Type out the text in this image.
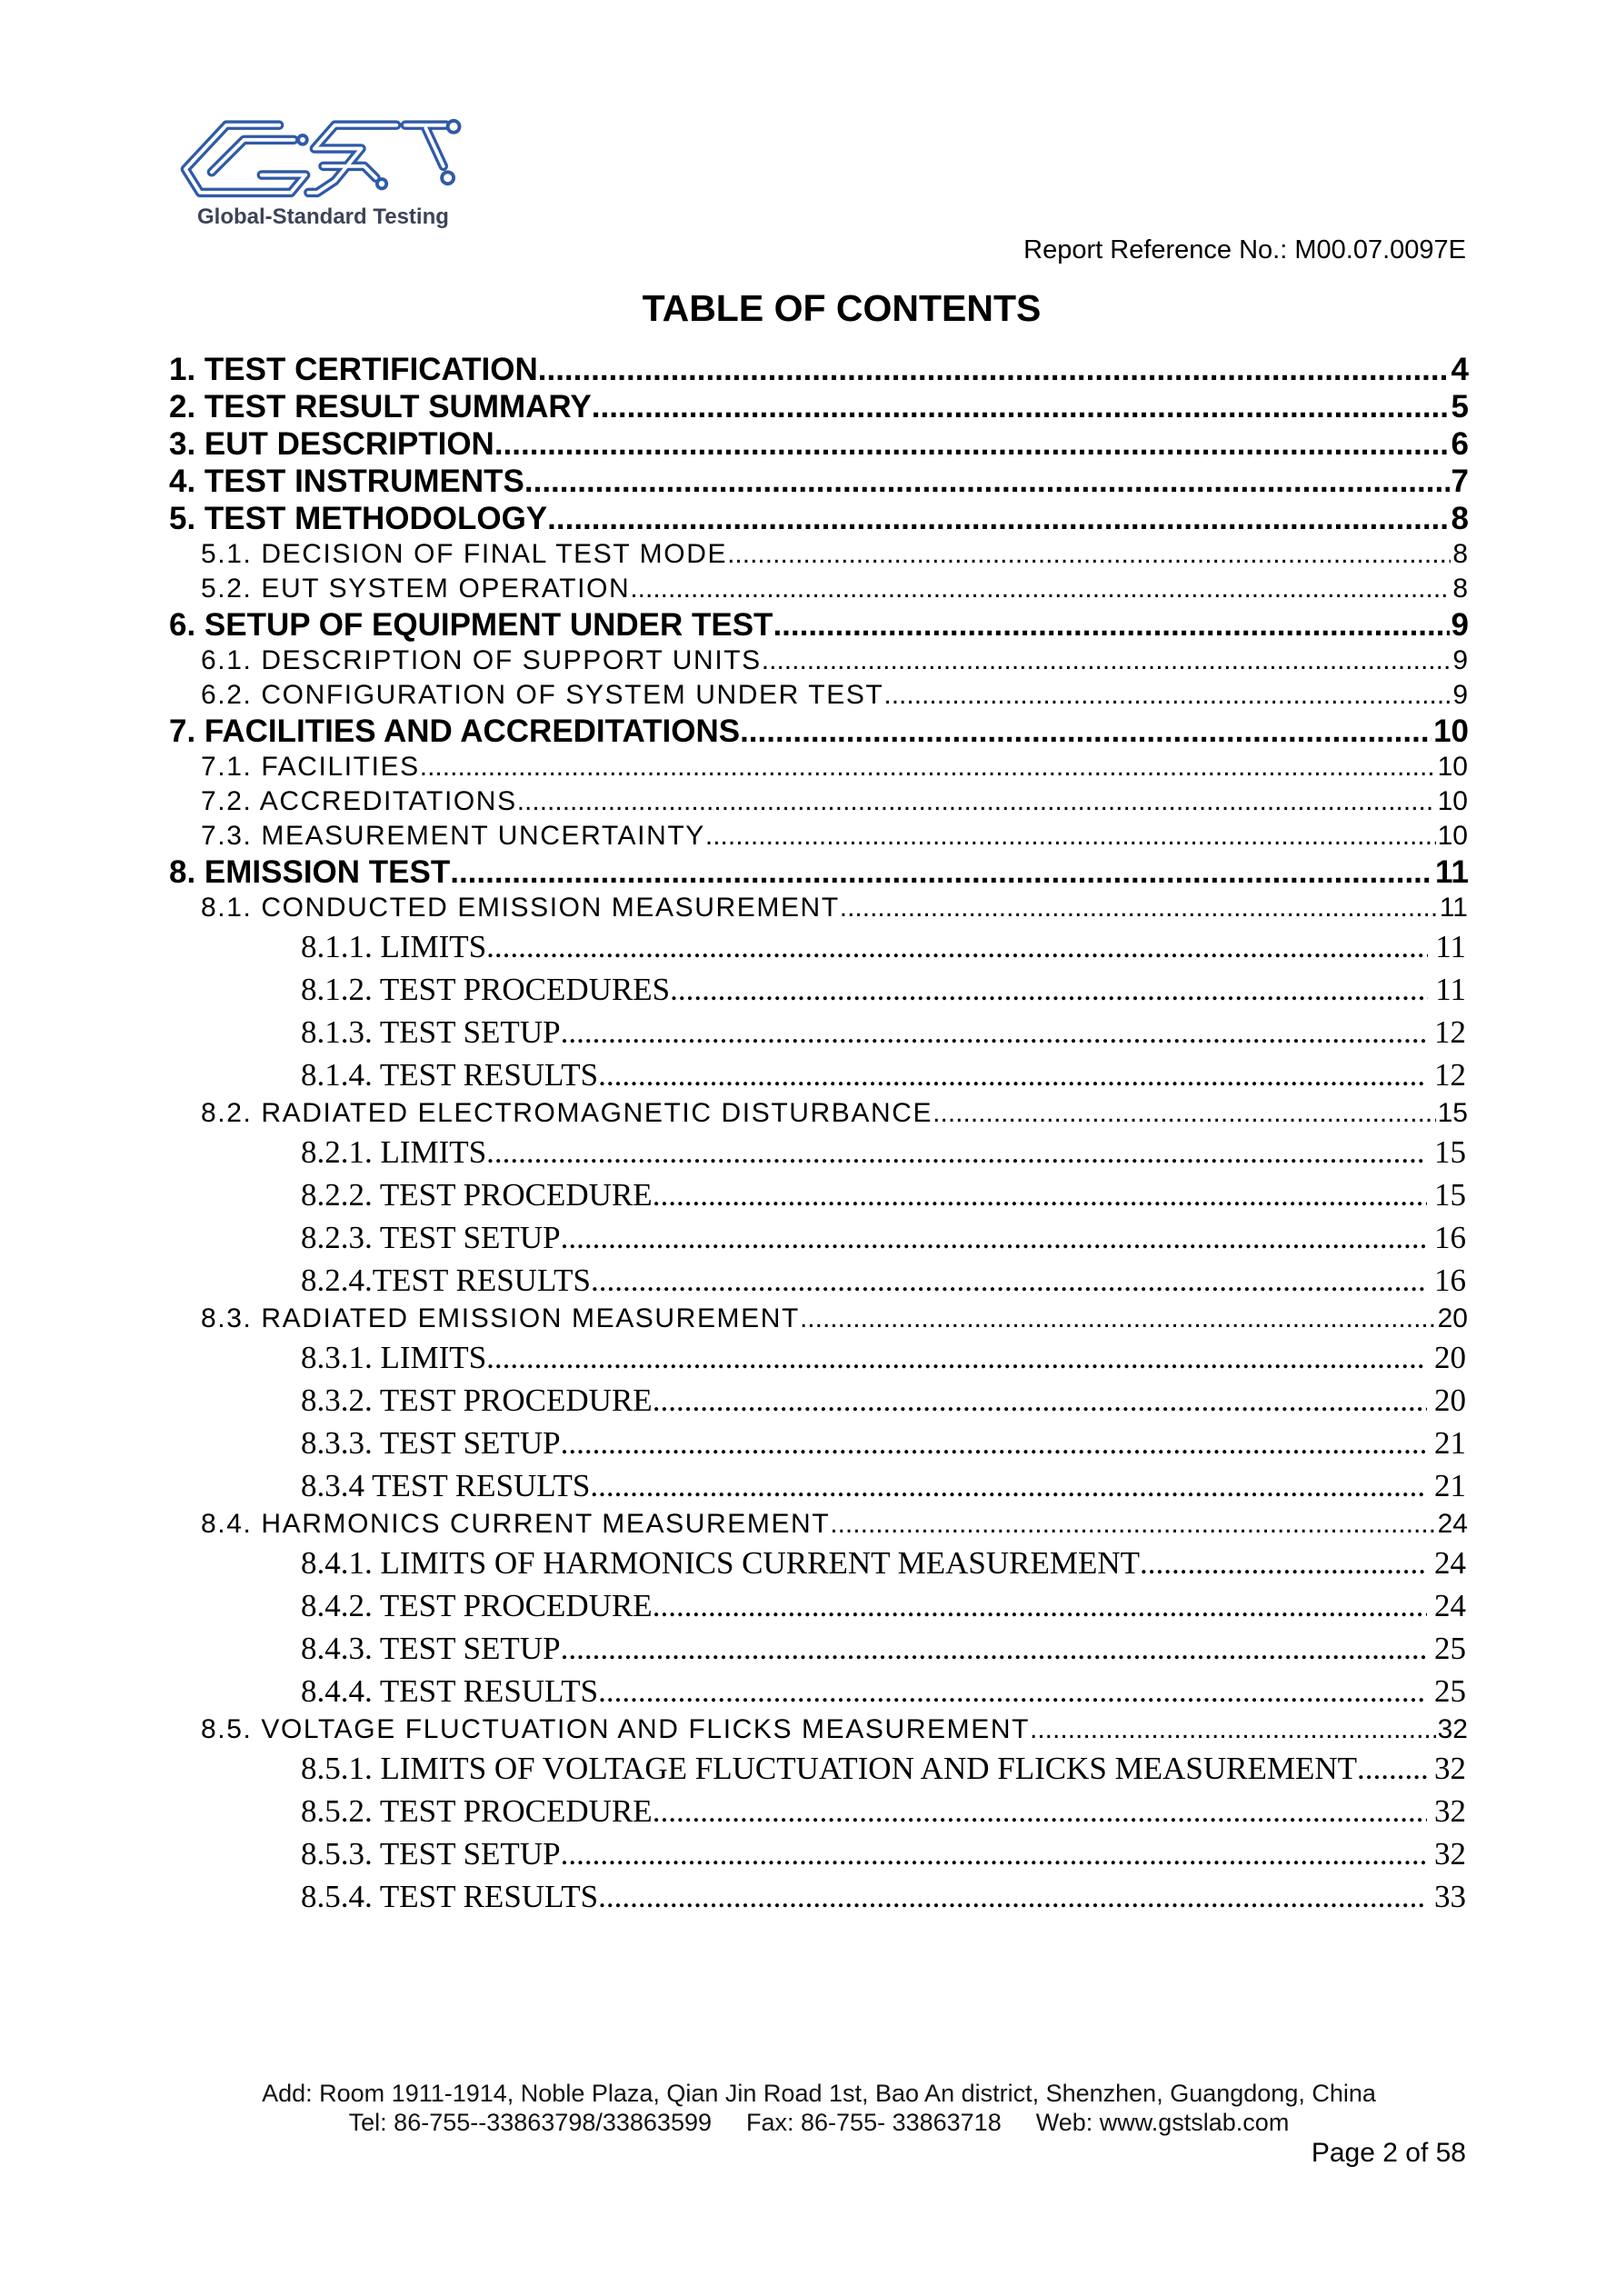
Global-Standard Testing
Report Reference No.: M00.07.0097E
TABLE OF CONTENTS
1. TEST CERTIFICATION .....	4
2. TEST RESULT SUMMARY .....	5
3. EUT DESCRIPTION .....	6
4. TEST INSTRUMENTS .....	7
5. TEST METHODOLOGY .....	8
5.1. DECISION OF FINAL TEST MODE .....	8
5.2. EUT SYSTEM OPERATION .....	8
6. SETUP OF EQUIPMENT UNDER TEST .....	9
6.1. DESCRIPTION OF SUPPORT UNITS .....	9
6.2. CONFIGURATION OF SYSTEM UNDER TEST .....	9
7. FACILITIES AND ACCREDITATIONS .....	10
7.1. FACILITIES .....	10
7.2. ACCREDITATIONS .....	10
7.3. MEASUREMENT UNCERTAINTY .....	10
8. EMISSION TEST .....	11
8.1. CONDUCTED EMISSION MEASUREMENT .....	11
8.1.1. LIMITS .....	11
8.1.2. TEST PROCEDURES .....	11
8.1.3. TEST SETUP .....	12
8.1.4. TEST RESULTS .....	12
8.2. RADIATED ELECTROMAGNETIC DISTURBANCE .....	15
8.2.1. LIMITS .....	15
8.2.2. TEST PROCEDURE .....	15
8.2.3. TEST SETUP .....	16
8.2.4.TEST RESULTS .....	16
8.3. RADIATED EMISSION MEASUREMENT .....	20
8.3.1. LIMITS .....	20
8.3.2. TEST PROCEDURE .....	20
8.3.3. TEST SETUP .....	21
8.3.4 TEST RESULTS .....	21
8.4. HARMONICS CURRENT MEASUREMENT .....	24
8.4.1. LIMITS OF HARMONICS CURRENT MEASUREMENT .....	24
8.4.2. TEST PROCEDURE .....	24
8.4.3. TEST SETUP .....	25
8.4.4. TEST RESULTS .....	25
8.5. VOLTAGE FLUCTUATION AND FLICKS MEASUREMENT .....	32
8.5.1. LIMITS OF VOLTAGE FLUCTUATION AND FLICKS MEASUREMENT ..... 32
8.5.2. TEST PROCEDURE .....	32
8.5.3. TEST SETUP .....	32
8.5.4. TEST RESULTS .....	33
Add: Room 1911-1914, Noble Plaza, Qian Jin Road 1st, Bao An district, Shenzhen, Guangdong, China
Tel: 86-755--33863798/33863599 Fax: 86-755- 33863718 Web: www.gstslab.com
Page 2 of 58
